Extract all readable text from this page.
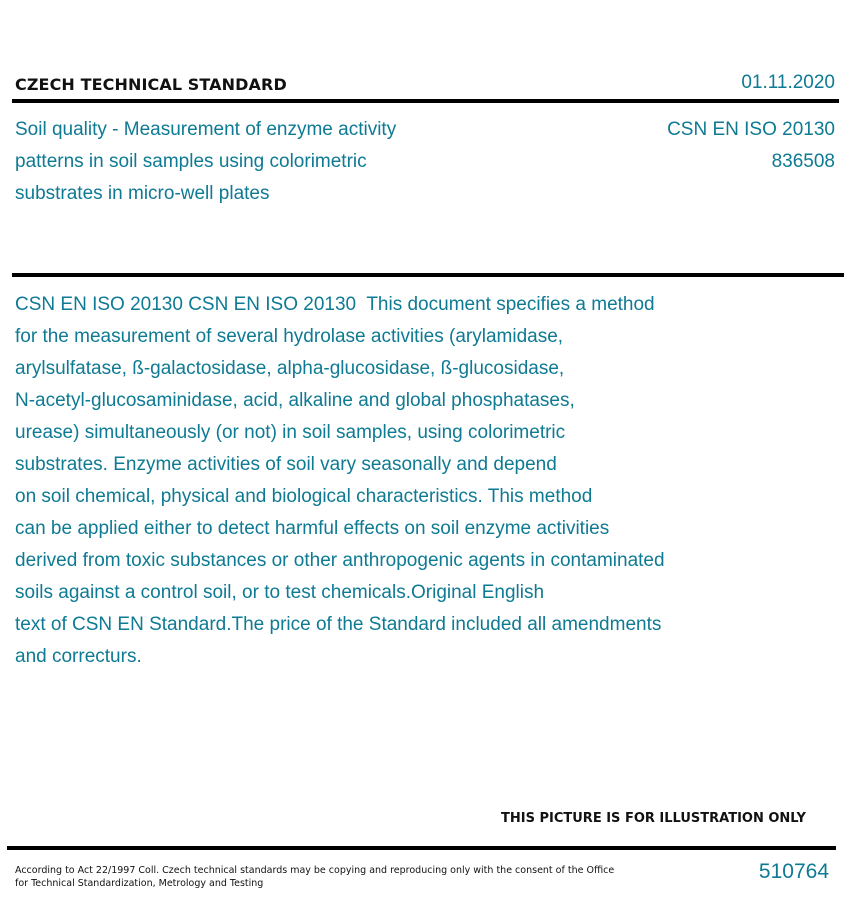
CZECH TECHNICAL STANDARD	01.11.2020
Soil quality - Measurement of enzyme activity
patterns in soil samples using colorimetric
substrates in micro-well plates
CSN EN ISO 20130
836508
CSN EN ISO 20130 CSN EN ISO 20130  This document specifies a method
for the measurement of several hydrolase activities (arylamidase,
arylsulfatase, ß-galactosidase, alpha-glucosidase, ß-glucosidase,
N-acetyl-glucosaminidase, acid, alkaline and global phosphatases,
urease) simultaneously (or not) in soil samples, using colorimetric
substrates. Enzyme activities of soil vary seasonally and depend
on soil chemical, physical and biological characteristics. This method
can be applied either to detect harmful effects on soil enzyme activities
derived from toxic substances or other anthropogenic agents in contaminated
soils against a control soil, or to test chemicals.Original English
text of CSN EN Standard.The price of the Standard included all amendments
and correcturs.
THIS PICTURE IS FOR ILLUSTRATION ONLY
According to Act 22/1997 Coll. Czech technical standards may be copying and reproducing only with the consent of the Office
for Technical Standardization, Metrology and Testing
510764
